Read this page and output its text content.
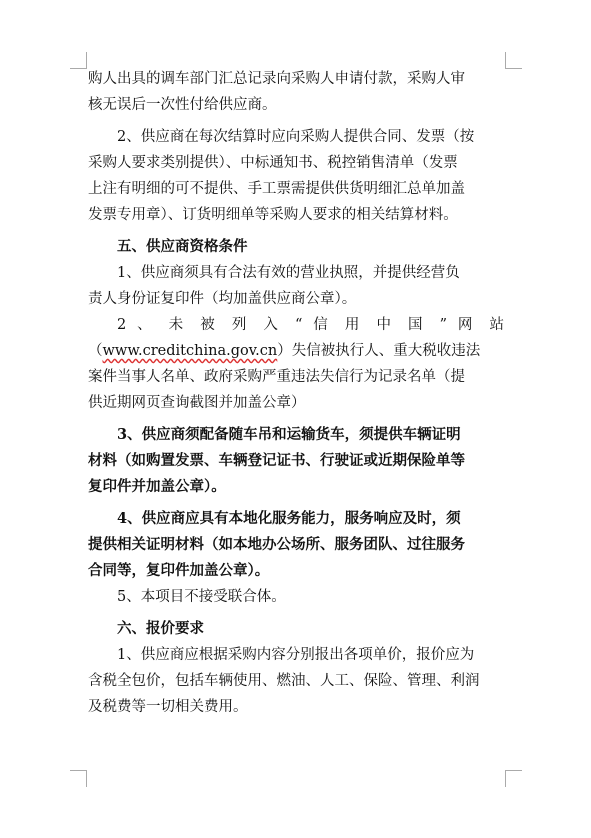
购人出具的调车部门汇总记录向采购人申请付款，采购人审

核无误后一次性付给供应商。

2、供应商在每次结算时应向采购人提供合同、发票（按

采购人要求类别提供）、中标通知书、税控销售清单（发票

上注有明细的可不提供、手工票需提供供货明细汇总单加盖

发票专用章）、订货明细单等采购人要求的相关结算材料。

五、供应商资格条件

1、供应商须具有合法有效的营业执照，并提供经营负

责人身份证复印件（均加盖供应商公章）。

2 、 未 被 列 入 “ 信 用 中 国 ” 网 站

（www.creditchina.gov.cn）失信被执行人、重大税收违法

案件当事人名单、政府采购严重违法失信行为记录名单（提

供近期网页查询截图并加盖公章）

3、供应商须配备随车吊和运输货车，须提供车辆证明

材料（如购置发票、车辆登记证书、行驶证或近期保险单等

复印件并加盖公章）。

4、供应商应具有本地化服务能力，服务响应及时，须

提供相关证明材料（如本地办公场所、服务团队、过往服务

合同等，复印件加盖公章）。

5、本项目不接受联合体。

六、报价要求

1、供应商应根据采购内容分别报出各项单价，报价应为

含税全包价，包括车辆使用、燃油、人工、保险、管理、利润

及税费等一切相关费用。
